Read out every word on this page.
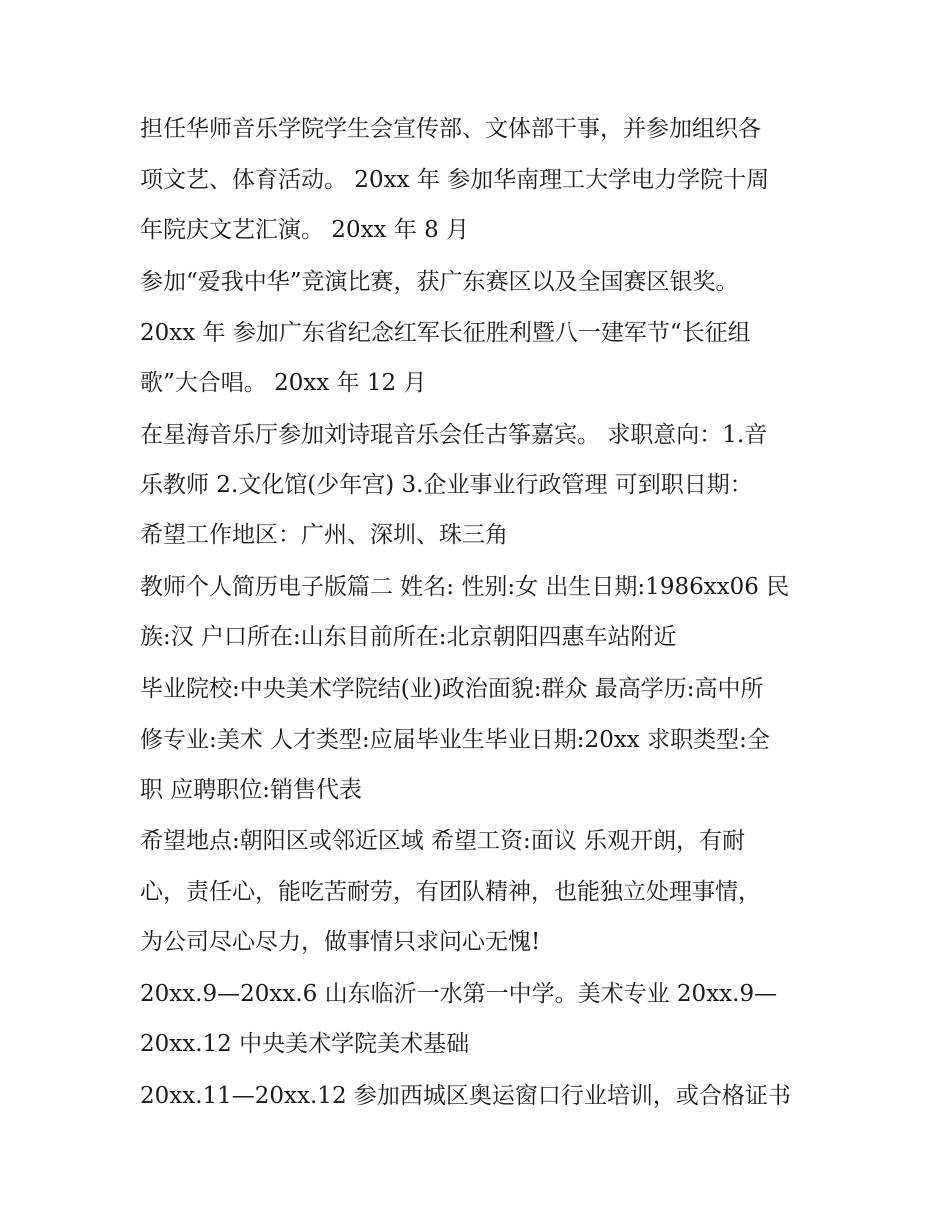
担任华师音乐学院学生会宣传部、文体部干事，并参加组织各
项文艺、体育活动。 20xx 年 参加华南理工大学电力学院十周
年院庆文艺汇演。 20xx 年 8 月
参加“爱我中华”竞演比赛，获广东赛区以及全国赛区银奖。
20xx 年 参加广东省纪念红军长征胜利暨八一建军节“长征组
歌”大合唱。 20xx 年 12 月
在星海音乐厅参加刘诗琨音乐会任古筝嘉宾。 求职意向：1.音
乐教师 2.文化馆(少年宫) 3.企业事业行政管理 可到职日期：
希望工作地区：广州、深圳、珠三角
教师个人简历电子版篇二 姓名: 性别:女 出生日期:1986xx06 民
族:汉 户口所在:山东目前所在:北京朝阳四惠车站附近
毕业院校:中央美术学院结(业)政治面貌:群众 最高学历:高中所
修专业:美术 人才类型:应届毕业生毕业日期:20xx 求职类型:全
职 应聘职位:销售代表
希望地点:朝阳区或邻近区域 希望工资:面议 乐观开朗，有耐
心，责任心，能吃苦耐劳，有团队精神，也能独立处理事情，
为公司尽心尽力，做事情只求问心无愧!
20xx.9—20xx.6 山东临沂一水第一中学。美术专业 20xx.9—
20xx.12 中央美术学院美术基础
20xx.11—20xx.12 参加西城区奥运窗口行业培训，或合格证书
